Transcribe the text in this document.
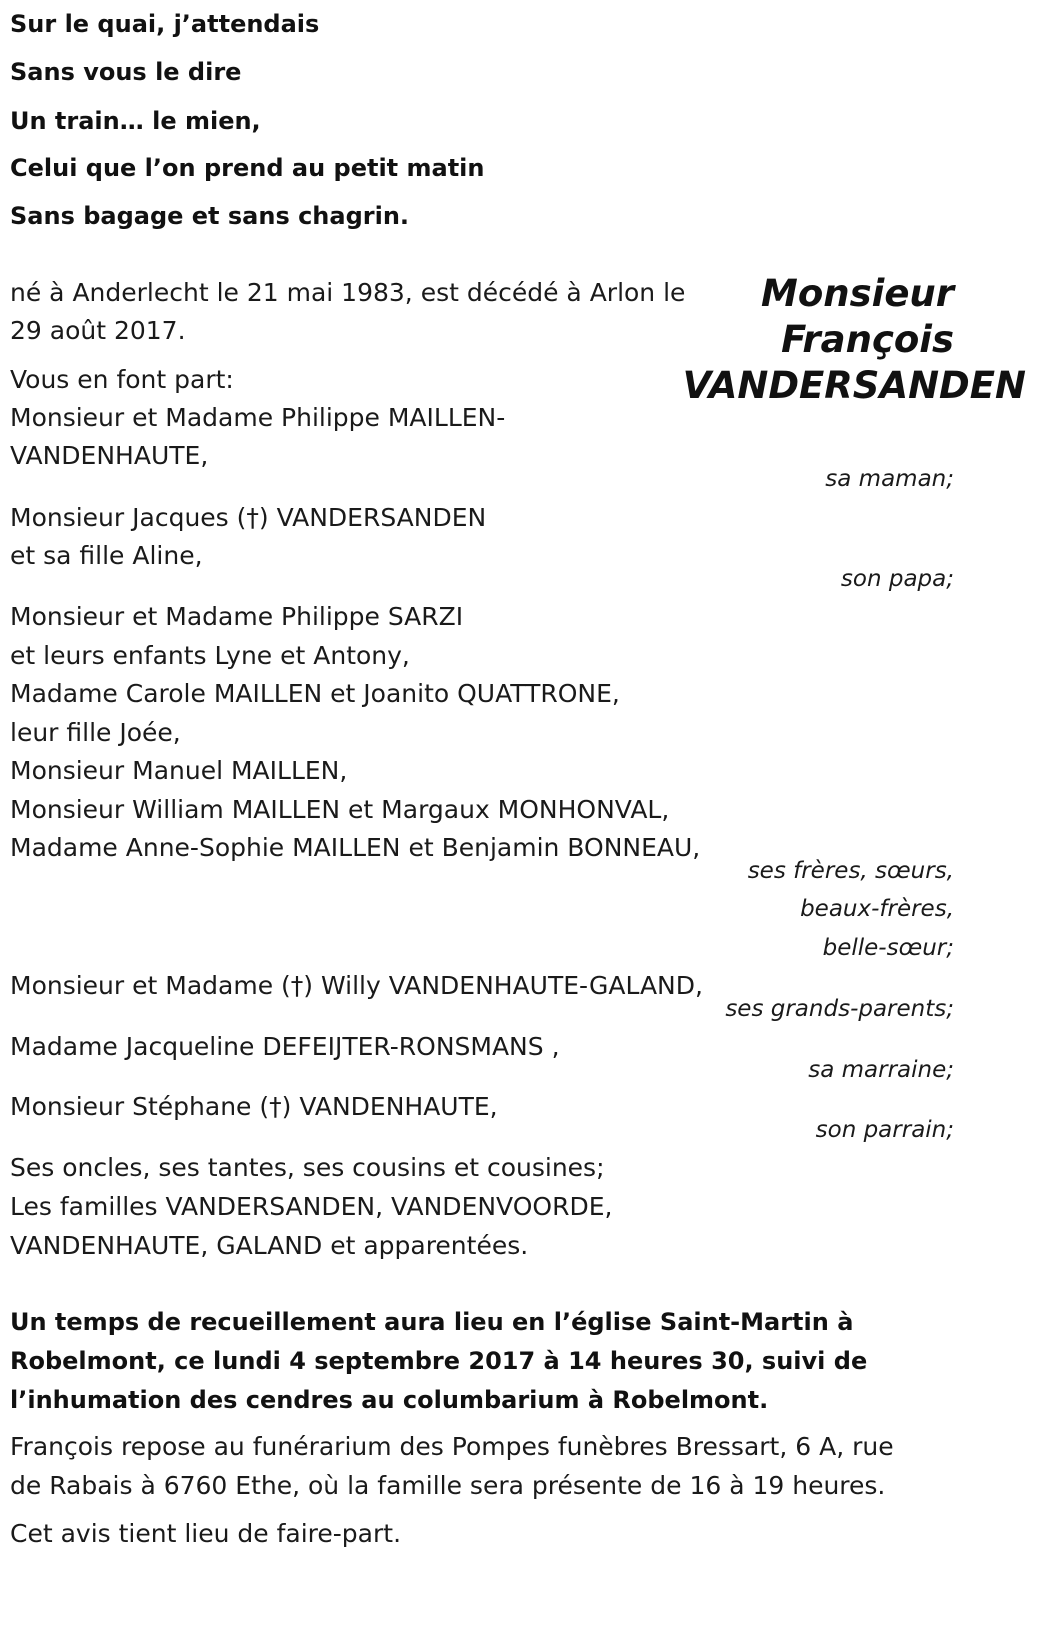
Sur le quai, j’attendais
Sans vous le dire
Un train… le mien,
Celui que l’on prend au petit matin
Sans bagage et sans chagrin.
Monsieur
François
VANDERSANDEN
né à Anderlecht le 21 mai 1983, est décédé à Arlon le
29 août 2017.
Vous en font part:
Monsieur et Madame Philippe MAILLEN-
VANDENHAUTE,
sa maman;
Monsieur Jacques (†) VANDERSANDEN
et sa fille Aline,
son papa;
Monsieur et Madame Philippe SARZI
et leurs enfants Lyne et Antony,
Madame Carole MAILLEN et Joanito QUATTRONE,
leur fille Joée,
Monsieur Manuel MAILLEN,
Monsieur William MAILLEN et Margaux MONHONVAL,
Madame Anne-Sophie MAILLEN et Benjamin BONNEAU,
ses frères, sœurs,
beaux-frères,
belle-sœur;
Monsieur et Madame (†) Willy VANDENHAUTE-GALAND,
ses grands-parents;
Madame Jacqueline DEFEIJTER-RONSMANS ,
sa marraine;
Monsieur Stéphane (†) VANDENHAUTE,
son parrain;
Ses oncles, ses tantes, ses cousins et cousines;
Les familles VANDERSANDEN, VANDENVOORDE,
VANDENHAUTE, GALAND et apparentées.
Un temps de recueillement aura lieu en l’église Saint-Martin à
Robelmont, ce lundi 4 septembre 2017 à 14 heures 30, suivi de
l’inhumation des cendres au columbarium à Robelmont.
François repose au funérarium des Pompes funèbres Bressart, 6 A, rue
de Rabais à 6760 Ethe, où la famille sera présente de 16 à 19 heures.
Cet avis tient lieu de faire-part.
